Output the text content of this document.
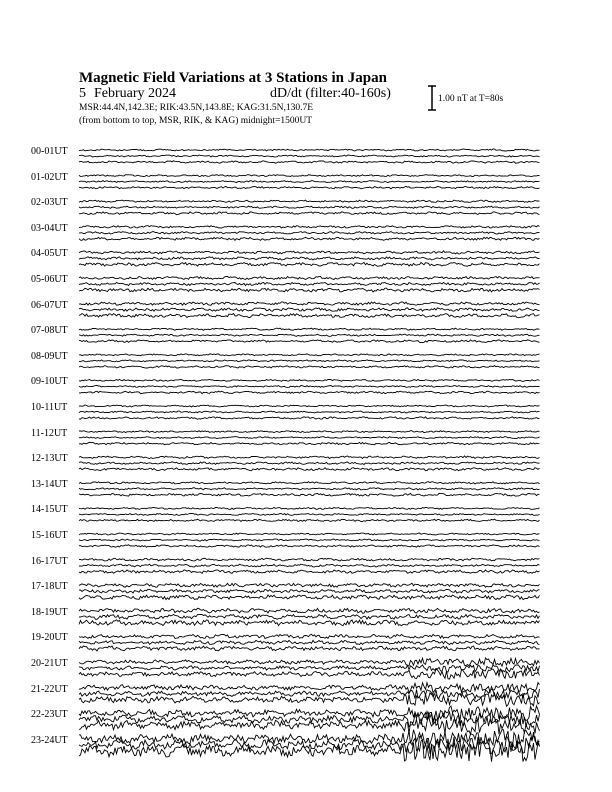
Magnetic Field Variations at 3 Stations in Japan
5 February 2024	dD/dt (filter:40-160s)
MSR:44.4N,142.3E; RIK:43.5N,143.8E; KAG:31.5N,130.7E
(from bottom to top, MSR, RIK, & KAG) midnight=1500UT
1.00 nT at T=80s
00-01UT
01-02UT
02-03UT
03-04UT
04-05UT
05-06UT
06-07UT
07-08UT
08-09UT
09-10UT
10-11UT
11-12UT
12-13UT
13-14UT
14-15UT
15-16UT
16-17UT
17-18UT
18-19UT
19-20UT
20-21UT
21-22UT
22-23UT
23-24UT
